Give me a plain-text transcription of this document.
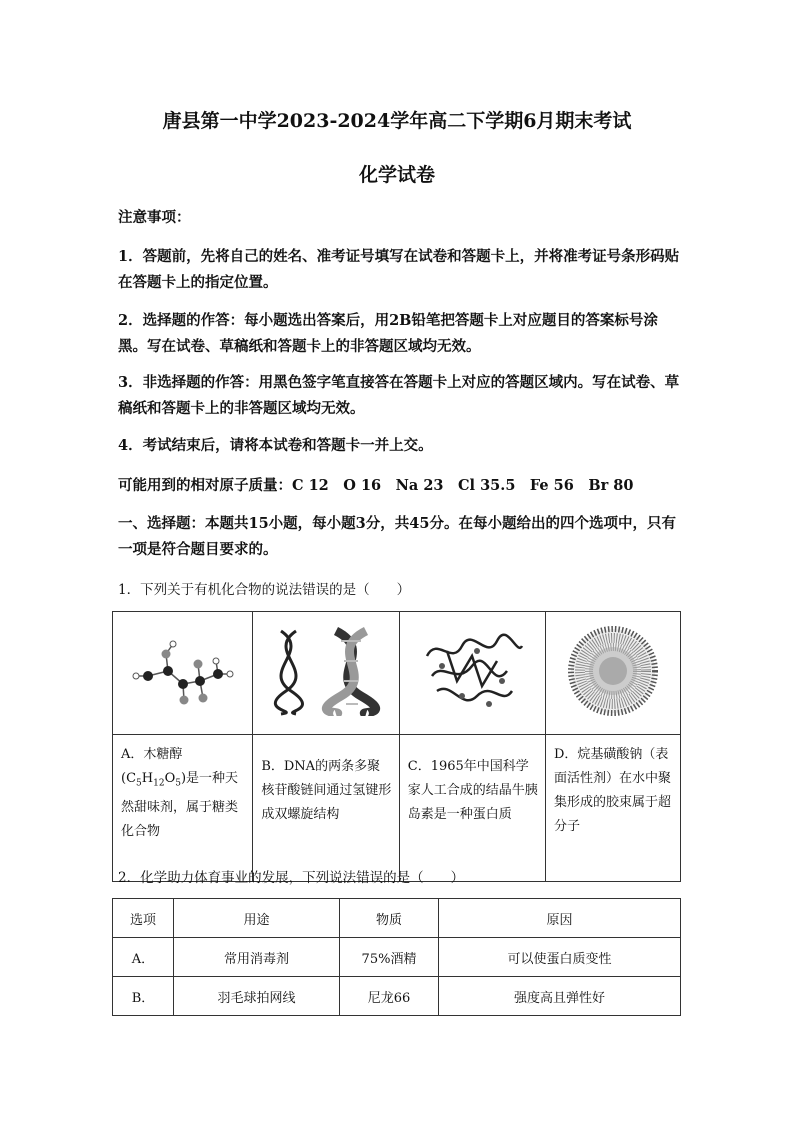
唐县第一中学2023-2024学年高二下学期6月期末考试
化学试卷
注意事项：
1．答题前，先将自己的姓名、准考证号填写在试卷和答题卡上，并将准考证号条形码贴在答题卡上的指定位置。
2．选择题的作答：每小题选出答案后，用2B铅笔把答题卡上对应题目的答案标号涂黑。写在试卷、草稿纸和答题卡上的非答题区域均无效。
3．非选择题的作答：用黑色签字笔直接答在答题卡上对应的答题区域内。写在试卷、草稿纸和答题卡上的非答题区域均无效。
4．考试结束后，请将本试卷和答题卡一并上交。
可能用到的相对原子质量：C 12　O 16　Na 23　Cl 35.5　Fe 56　Br 80
一、选择题：本题共15小题，每小题3分，共45分。在每小题给出的四个选项中，只有一项是符合题目要求的。
1．下列关于有机化合物的说法错误的是（　　）

A．木糖醇
$(C_5H_{12}O_5)$是一种天然甜味剂，属于糖类化合物	B．DNA的两条多聚核苷酸链间通过氢键形成双螺旋结构	C．1965年中国科学家人工合成的结晶牛胰岛素是一种蛋白质	D．烷基磺酸钠（表面活性剂）在水中聚集形成的胶束属于超分子
2．化学助力体育事业的发展，下列说法错误的是（　　）
选项	用途	物质	原因
A．	常用消毒剂	75%酒精	可以使蛋白质变性
B．	羽毛球拍网线	尼龙66	强度高且弹性好
